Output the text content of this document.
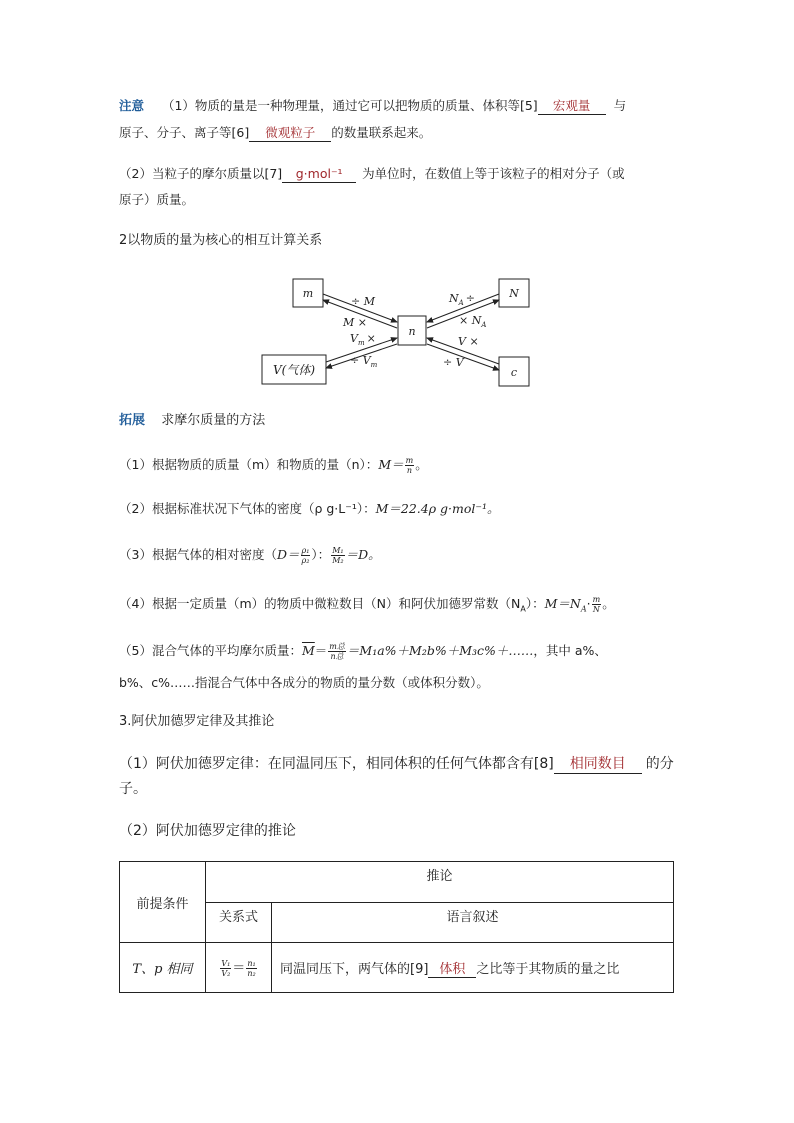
注意 （1）物质的量是一种物理量，通过它可以把物质的质量、体积等[5] 宏观量 与
原子、分子、离子等[6] 微观粒子 的数量联系起来。
（2）当粒子的摩尔质量以[7] g·mol⁻¹ 为单位时，在数值上等于该粒子的相对分子（或
原子）质量。
2以物质的量为核心的相互计算关系
m	N
n
V(气体)	c
÷ M
M ×
$N_A$ ÷
× $N_A$
$V_m$ ×
÷ $V_m$
V ×
÷ V
拓展 求摩尔质量的方法
（1）根据物质的质量（m）和物质的量（n）：$M= \frac{m}{n}$ 。
（2）根据标准状况下气体的密度（ρ g·L⁻¹）：M＝22.4ρ g·mol⁻¹。
（3）根据气体的相对密度（$D= \frac{\text{ρ₁}}{\text{ρ₂}}$ ）： $\frac{\text{M₁}}{\text{M₂}} =D$。
（4）根据一定质量（m）的物质中微粒数目（N）和阿伏加德罗常数$(N_A)$：$M=N_A\cdot \frac{m}{N}$ 。
（5）混合气体的平均摩尔质量：$\overline{M}= \frac{\text{m总}}{\text{n总}}$ ＝M₁a%＋M₂b%＋M₃c%＋……，其中 a%、
b%、c%……指混合气体中各成分的物质的量分数（或体积分数）。
3.阿伏加德罗定律及其推论
（1）阿伏加德罗定律：在同温同压下，相同体积的任何气体都含有[8] 相同数目 的分
子。
（2）阿伏加德罗定律的推论
前提条件	推论	
	关系式	语言叙述
T、p 相同	$\frac{\text{V₁}}{\text{V₂}} = \frac{\text{n₁}}{\text{n₂}}$	同温同压下，两气体的[9] 体积 之比等于其物质的量之比
